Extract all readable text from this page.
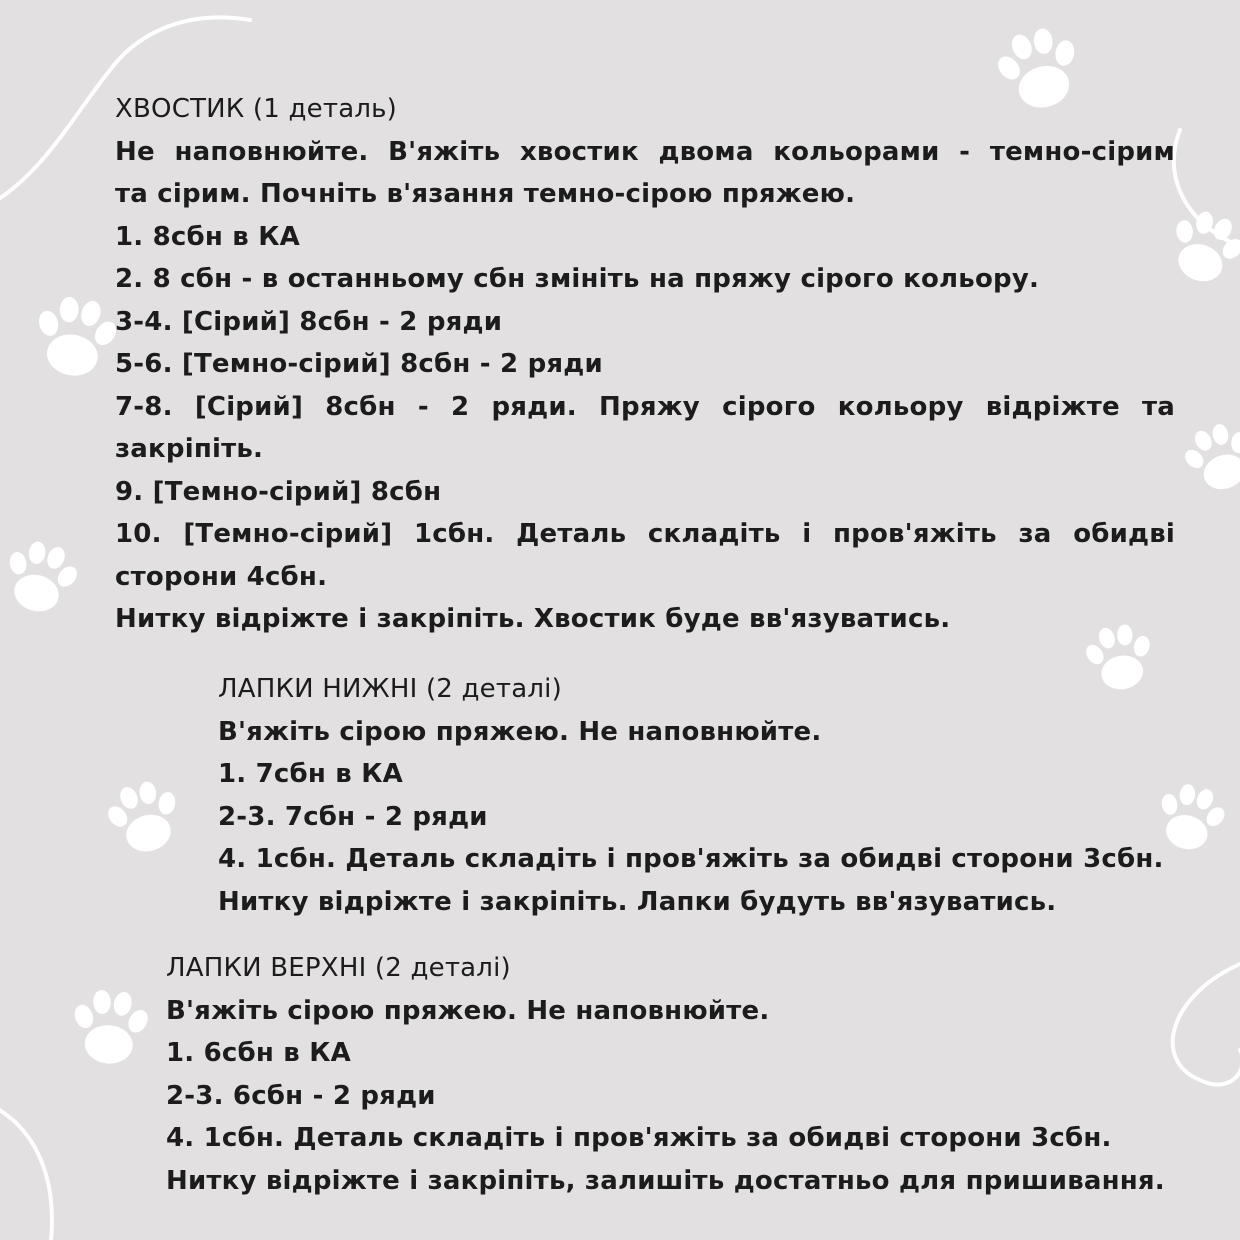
ХВОСТИК (1 деталь)
Не наповнюйте. В'яжіть хвостик двома кольорами - темно-сірим
та сірим. Почніть в'язання темно-сірою пряжею.
1. 8сбн в КА
2. 8 сбн - в останньому сбн змініть на пряжу сірого кольору.
3-4. [Сірий] 8сбн - 2 ряди
5-6. [Темно-сірий] 8сбн - 2 ряди
7-8. [Сірий] 8сбн - 2 ряди. Пряжу сірого кольору відріжте та
закріпіть.
9. [Темно-сірий] 8сбн
10. [Темно-сірий] 1сбн. Деталь складіть і пров'яжіть за обидві
сторони 4сбн.
Нитку відріжте і закріпіть. Хвостик буде вв'язуватись.
ЛАПКИ НИЖНІ (2 деталі)
В'яжіть сірою пряжею. Не наповнюйте.
1. 7сбн в КА
2-3. 7сбн - 2 ряди
4. 1сбн. Деталь складіть і пров'яжіть за обидві сторони 3сбн.
Нитку відріжте і закріпіть. Лапки будуть вв'язуватись.
ЛАПКИ ВЕРХНІ (2 деталі)
В'яжіть сірою пряжею. Не наповнюйте.
1. 6сбн в КА
2-3. 6сбн - 2 ряди
4. 1сбн. Деталь складіть і пров'яжіть за обидві сторони 3сбн.
Нитку відріжте і закріпіть, залишіть достатньо для пришивання.
